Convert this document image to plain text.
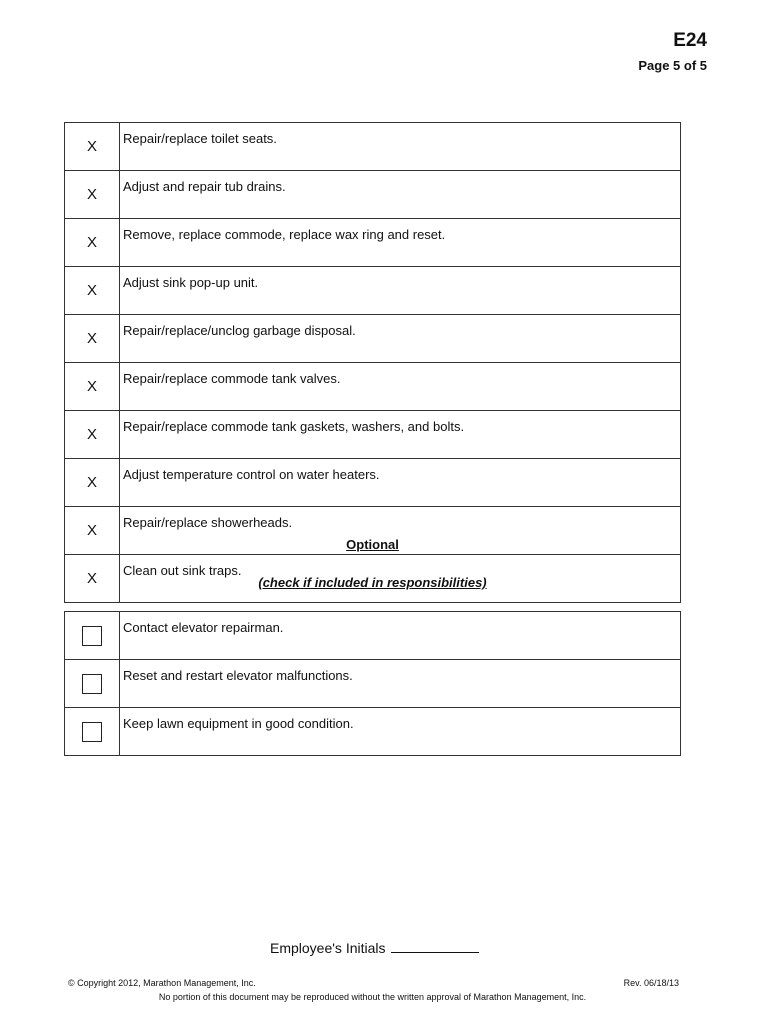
E24
Page 5 of 5
X	Repair/replace toilet seats.
X	Adjust and repair tub drains.
X	Remove, replace commode, replace wax ring and reset.
X	Adjust sink pop-up unit.
X	Repair/replace/unclog garbage disposal.
X	Repair/replace commode tank valves.
X	Repair/replace commode tank gaskets, washers, and bolts.
X	Adjust temperature control on water heaters.
X	Repair/replace showerheads.
X	Clean out sink traps.
Optional
(check if included in responsibilities)
	Contact elevator repairman.
	Reset and restart elevator malfunctions.
	Keep lawn equipment in good condition.
Employee's Initials
© Copyright 2012, Marathon Management, Inc.	Rev. 06/18/13
No portion of this document may be reproduced without the written approval of Marathon Management, Inc.
